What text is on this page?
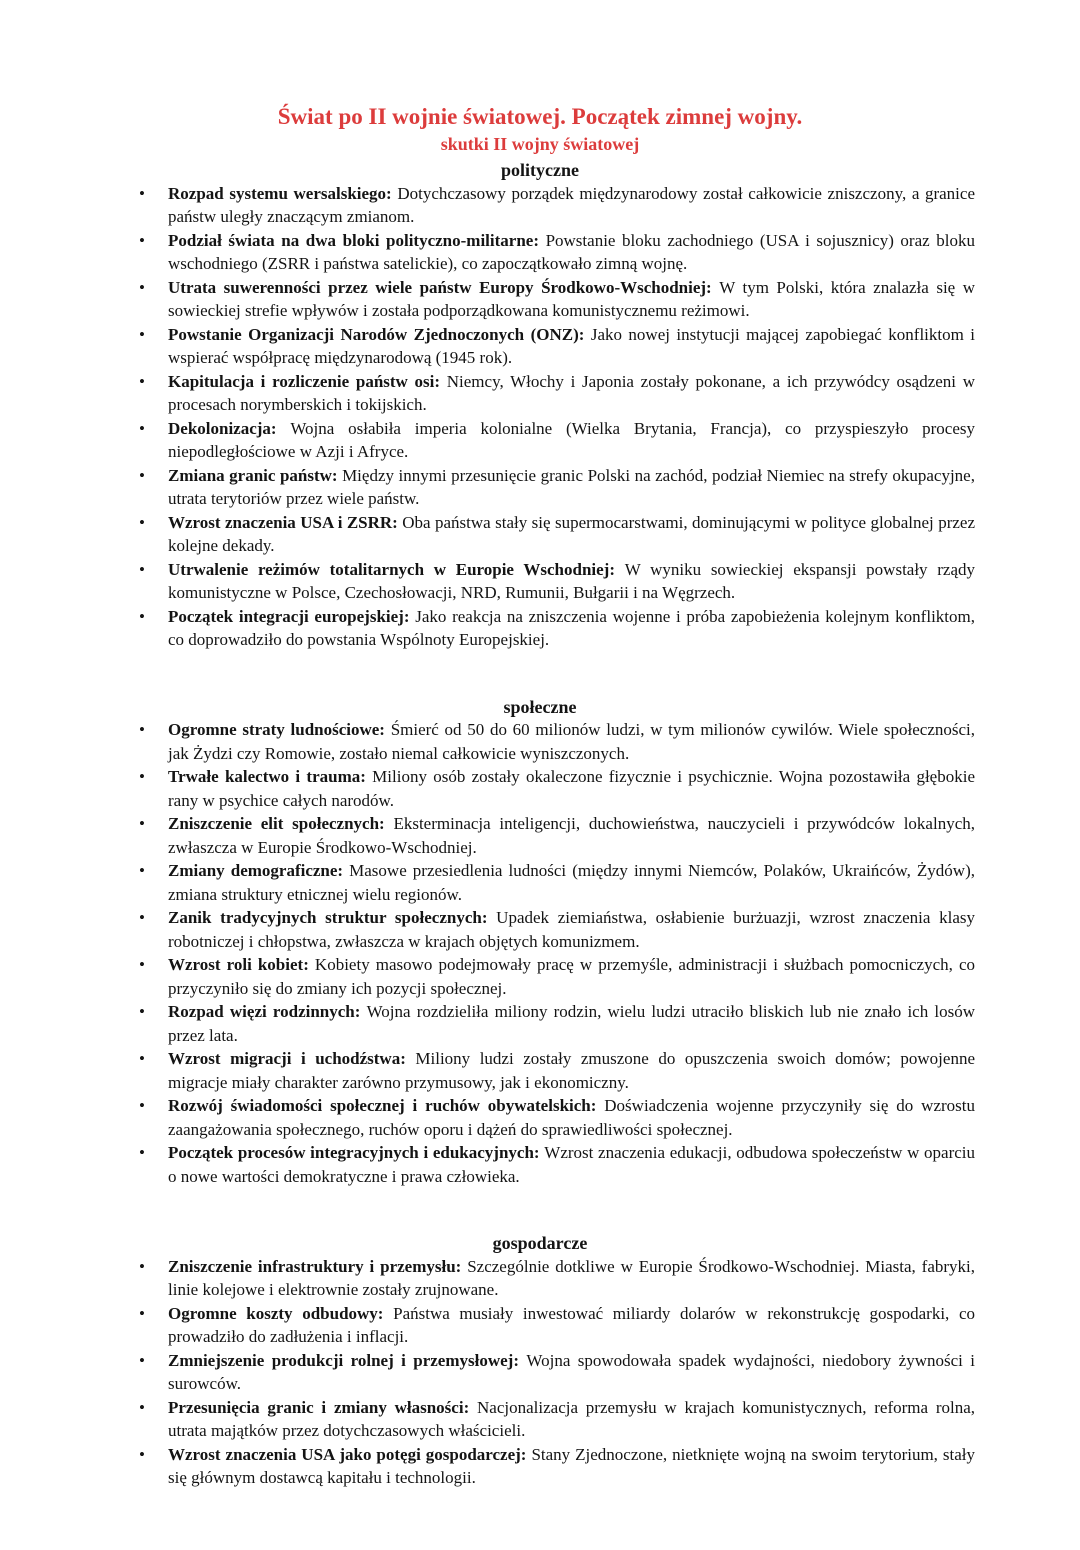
Świat po II wojnie światowej. Początek zimnej wojny.
skutki II wojny światowej
polityczne
• Rozpad systemu wersalskiego: Dotychczasowy porządek międzynarodowy został całkowicie zniszczony, a granice państw uległy znaczącym zmianom.
• Podział świata na dwa bloki polityczno-militarne: Powstanie bloku zachodniego (USA i sojusznicy) oraz bloku wschodniego (ZSRR i państwa satelickie), co zapoczątkowało zimną wojnę.
• Utrata suwerenności przez wiele państw Europy Środkowo-Wschodniej: W tym Polski, która znalazła się w sowieckiej strefie wpływów i została podporządkowana komunistycznemu reżimowi.
• Powstanie Organizacji Narodów Zjednoczonych (ONZ): Jako nowej instytucji mającej zapobiegać konfliktom i wspierać współpracę międzynarodową (1945 rok).
• Kapitulacja i rozliczenie państw osi: Niemcy, Włochy i Japonia zostały pokonane, a ich przywódcy osądzeni w procesach norymberskich i tokijskich.
• Dekolonizacja: Wojna osłabiła imperia kolonialne (Wielka Brytania, Francja), co przyspieszyło procesy niepodległościowe w Azji i Afryce.
• Zmiana granic państw: Między innymi przesunięcie granic Polski na zachód, podział Niemiec na strefy okupacyjne, utrata terytoriów przez wiele państw.
• Wzrost znaczenia USA i ZSRR: Oba państwa stały się supermocarstwami, dominującymi w polityce globalnej przez kolejne dekady.
• Utrwalenie reżimów totalitarnych w Europie Wschodniej: W wyniku sowieckiej ekspansji powstały rządy komunistyczne w Polsce, Czechosłowacji, NRD, Rumunii, Bułgarii i na Węgrzech.
• Początek integracji europejskiej: Jako reakcja na zniszczenia wojenne i próba zapobieżenia kolejnym konfliktom, co doprowadziło do powstania Wspólnoty Europejskiej.
społeczne
• Ogromne straty ludnościowe: Śmierć od 50 do 60 milionów ludzi, w tym milionów cywilów. Wiele społeczności, jak Żydzi czy Romowie, zostało niemal całkowicie wyniszczonych.
• Trwałe kalectwo i trauma: Miliony osób zostały okaleczone fizycznie i psychicznie. Wojna pozostawiła głębokie rany w psychice całych narodów.
• Zniszczenie elit społecznych: Eksterminacja inteligencji, duchowieństwa, nauczycieli i przywódców lokalnych, zwłaszcza w Europie Środkowo-Wschodniej.
• Zmiany demograficzne: Masowe przesiedlenia ludności (między innymi Niemców, Polaków, Ukraińców, Żydów), zmiana struktury etnicznej wielu regionów.
• Zanik tradycyjnych struktur społecznych: Upadek ziemiaństwa, osłabienie burżuazji, wzrost znaczenia klasy robotniczej i chłopstwa, zwłaszcza w krajach objętych komunizmem.
• Wzrost roli kobiet: Kobiety masowo podejmowały pracę w przemyśle, administracji i służbach pomocniczych, co przyczyniło się do zmiany ich pozycji społecznej.
• Rozpad więzi rodzinnych: Wojna rozdzieliła miliony rodzin, wielu ludzi utraciło bliskich lub nie znało ich losów przez lata.
• Wzrost migracji i uchodźstwa: Miliony ludzi zostały zmuszone do opuszczenia swoich domów; powojenne migracje miały charakter zarówno przymusowy, jak i ekonomiczny.
• Rozwój świadomości społecznej i ruchów obywatelskich: Doświadczenia wojenne przyczyniły się do wzrostu zaangażowania społecznego, ruchów oporu i dążeń do sprawiedliwości społecznej.
• Początek procesów integracyjnych i edukacyjnych: Wzrost znaczenia edukacji, odbudowa społeczeństw w oparciu o nowe wartości demokratyczne i prawa człowieka.
gospodarcze
• Zniszczenie infrastruktury i przemysłu: Szczególnie dotkliwe w Europie Środkowo-Wschodniej. Miasta, fabryki, linie kolejowe i elektrownie zostały zrujnowane.
• Ogromne koszty odbudowy: Państwa musiały inwestować miliardy dolarów w rekonstrukcję gospodarki, co prowadziło do zadłużenia i inflacji.
• Zmniejszenie produkcji rolnej i przemysłowej: Wojna spowodowała spadek wydajności, niedobory żywności i surowców.
• Przesunięcia granic i zmiany własności: Nacjonalizacja przemysłu w krajach komunistycznych, reforma rolna, utrata majątków przez dotychczasowych właścicieli.
• Wzrost znaczenia USA jako potęgi gospodarczej: Stany Zjednoczone, nietknięte wojną na swoim terytorium, stały się głównym dostawcą kapitału i technologii.
